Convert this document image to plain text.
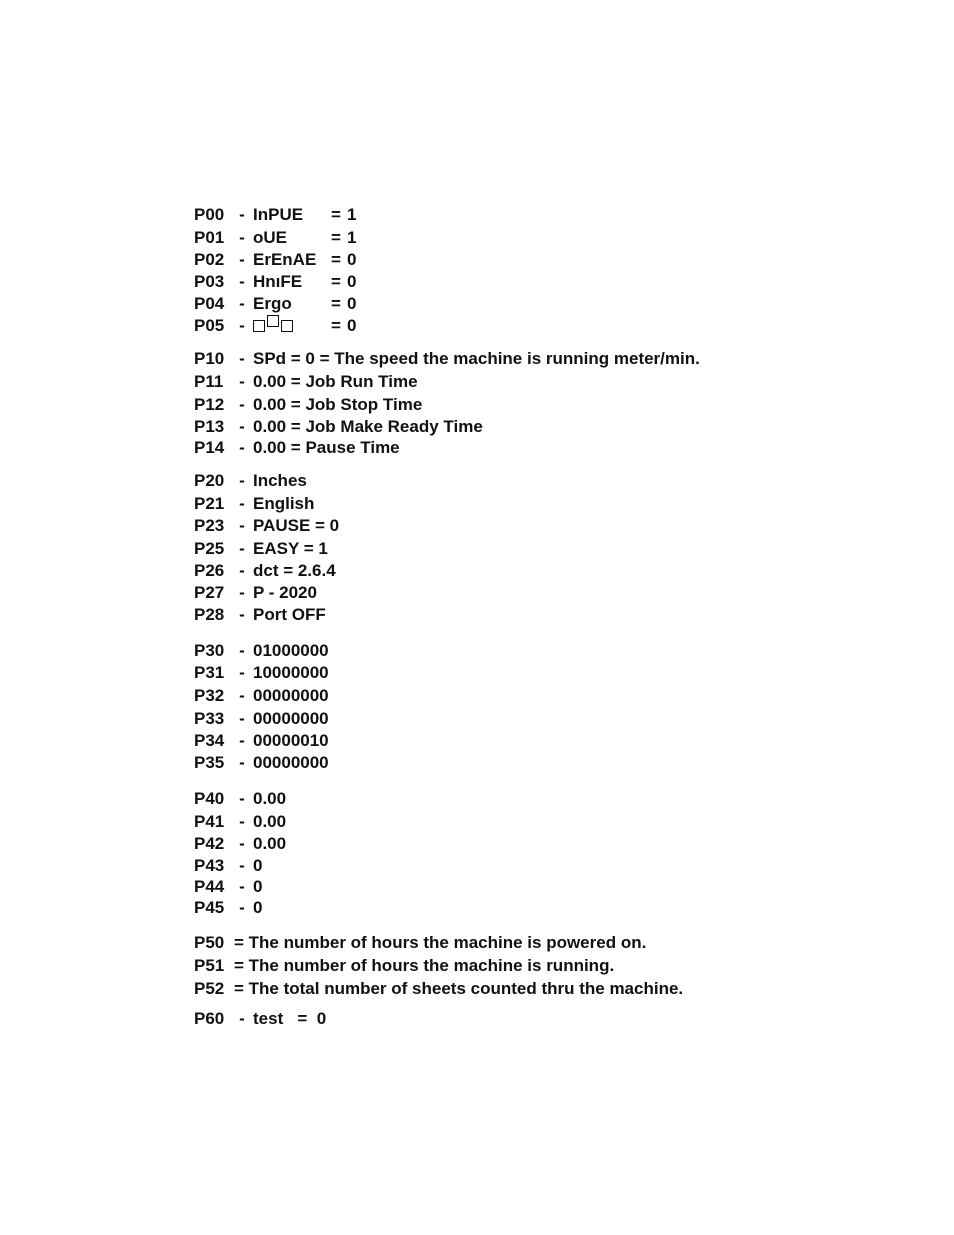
P00 - InPUE = 1
P01 - oUE	= 1
P02 - ErEnAE = 0
P03 - HnıFE = 0
P04 - Ergo = 0
P05 -	= 0
P10 - SPd = 0 = The speed the machine is running meter/min.
P11 - 0.00 = Job Run Time
P12 - 0.00 = Job Stop Time
P13 - 0.00 = Job Make Ready Time
P14 - 0.00 = Pause Time
P20 - Inches
P21 - English
P23 - PAUSE = 0
P25 - EASY = 1
P26 - dct = 2.6.4
P27 - P - 2020
P28 - Port OFF
P30 - 01000000
P31 - 10000000
P32 - 00000000
P33 - 00000000
P34 - 00000010
P35 - 00000000
P40 - 0.00
P41 - 0.00
P42 - 0.00
P43 - 0
P44 - 0
P45 - 0
P50 = The number of hours the machine is powered on.
P51 = The number of hours the machine is running.
P52 = The total number of sheets counted thru the machine.
P60 - test   =  0
